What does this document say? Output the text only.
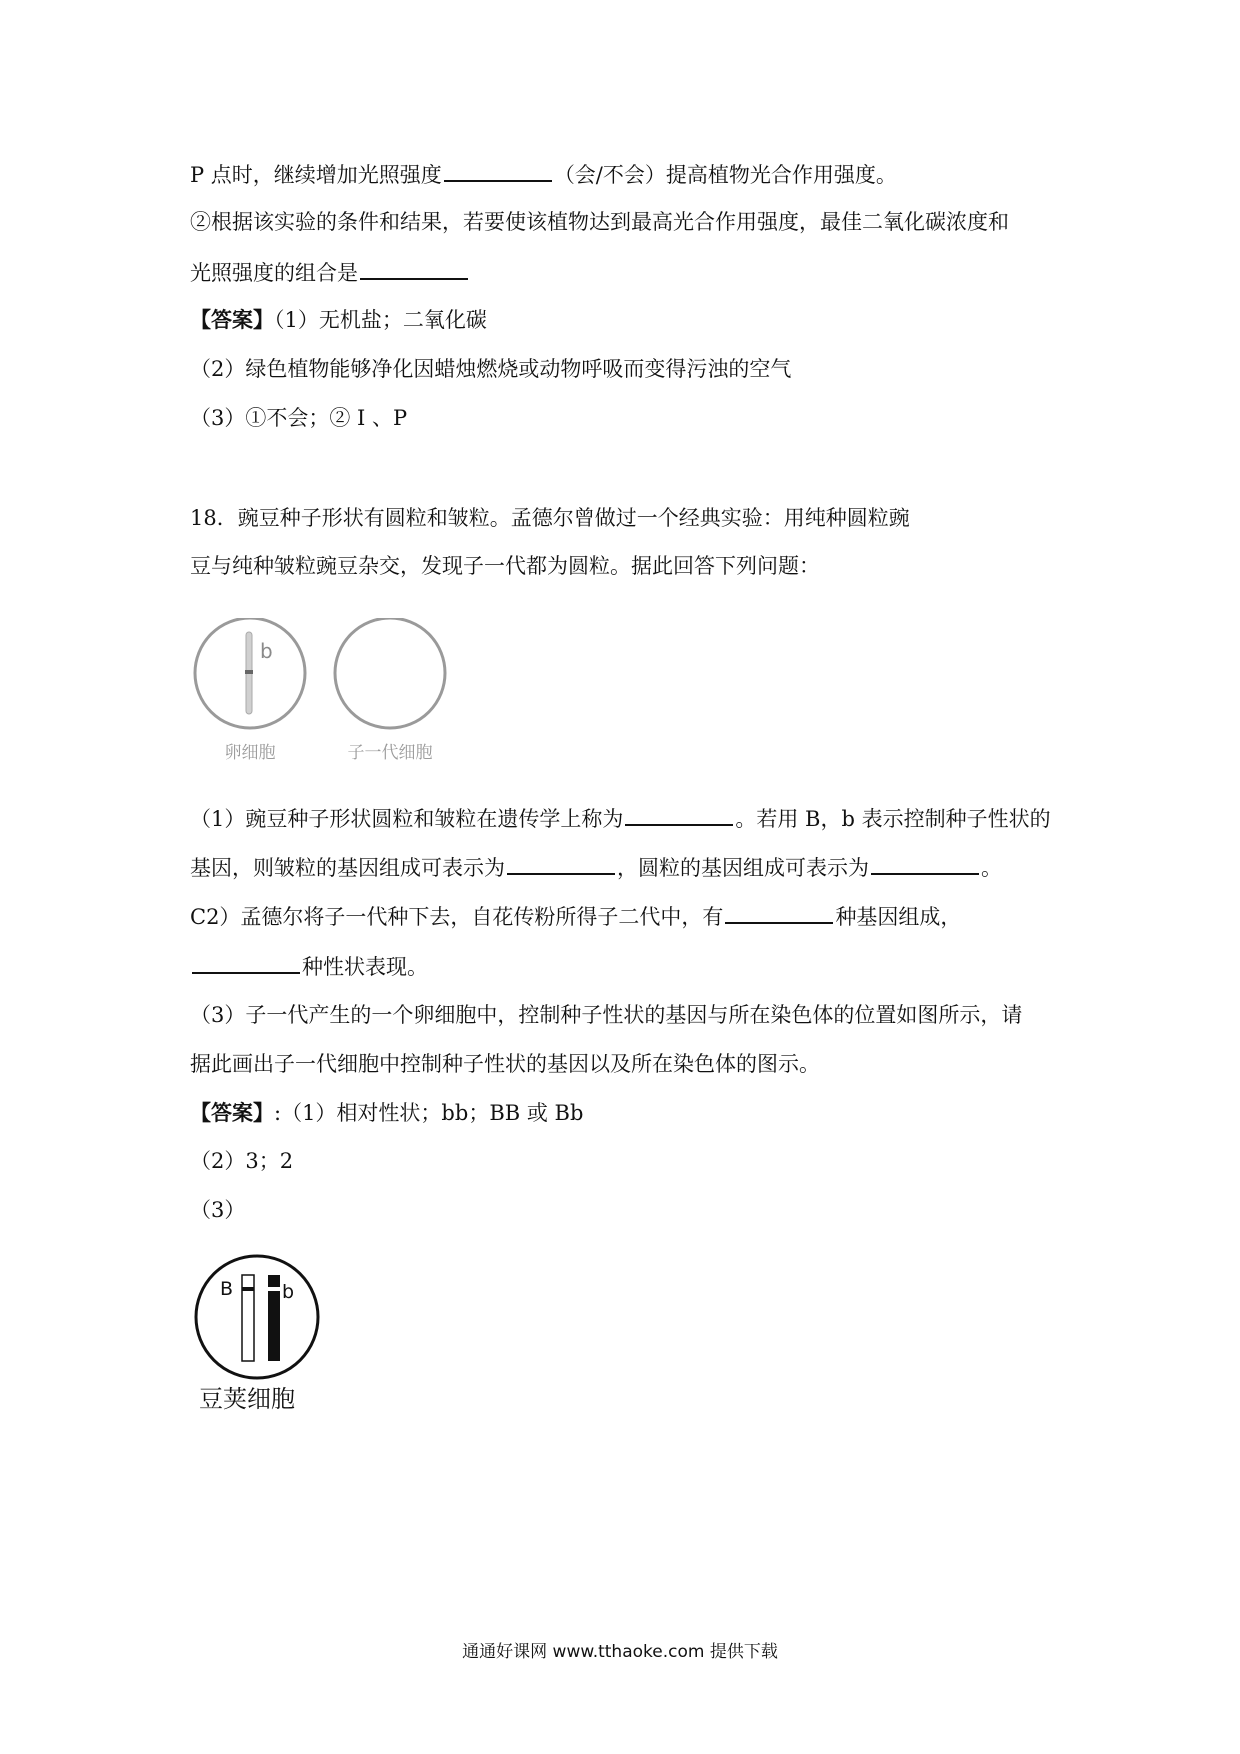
P 点时，继续增加光照强度	（会/不会）提高植物光合作用强度。
②根据该实验的条件和结果，若要使该植物达到最高光合作用强度，最佳二氧化碳浓度和
光照强度的组合是
【答案】（1）无机盐；二氧化碳
（2）绿色植物能够净化因蜡烛燃烧或动物呼吸而变得污浊的空气
（3）①不会；② I 、P
18．豌豆种子形状有圆粒和皱粒。孟德尔曾做过一个经典实验：用纯种圆粒豌
豆与纯种皱粒豌豆杂交，发现子一代都为圆粒。据此回答下列问题：
b
卵细胞	子一代细胞
（1）豌豆种子形状圆粒和皱粒在遗传学上称为	。若用 B，b 表示控制种子性状的
基因，则皱粒的基因组成可表示为	，圆粒的基因组成可表示为	。
C2）孟德尔将子一代种下去，自花传粉所得子二代中，有	种基因组成，
种性状表现。
（3）子一代产生的一个卵细胞中，控制种子性状的基因与所在染色体的位置如图所示，请
据此画出子一代细胞中控制种子性状的基因以及所在染色体的图示。
【答案】:（1）相对性状；bb；BB 或 Bb
（2）3；2
（3）
B	b
豆荚细胞
通通好课网 www.tthaoke.com 提供下载
